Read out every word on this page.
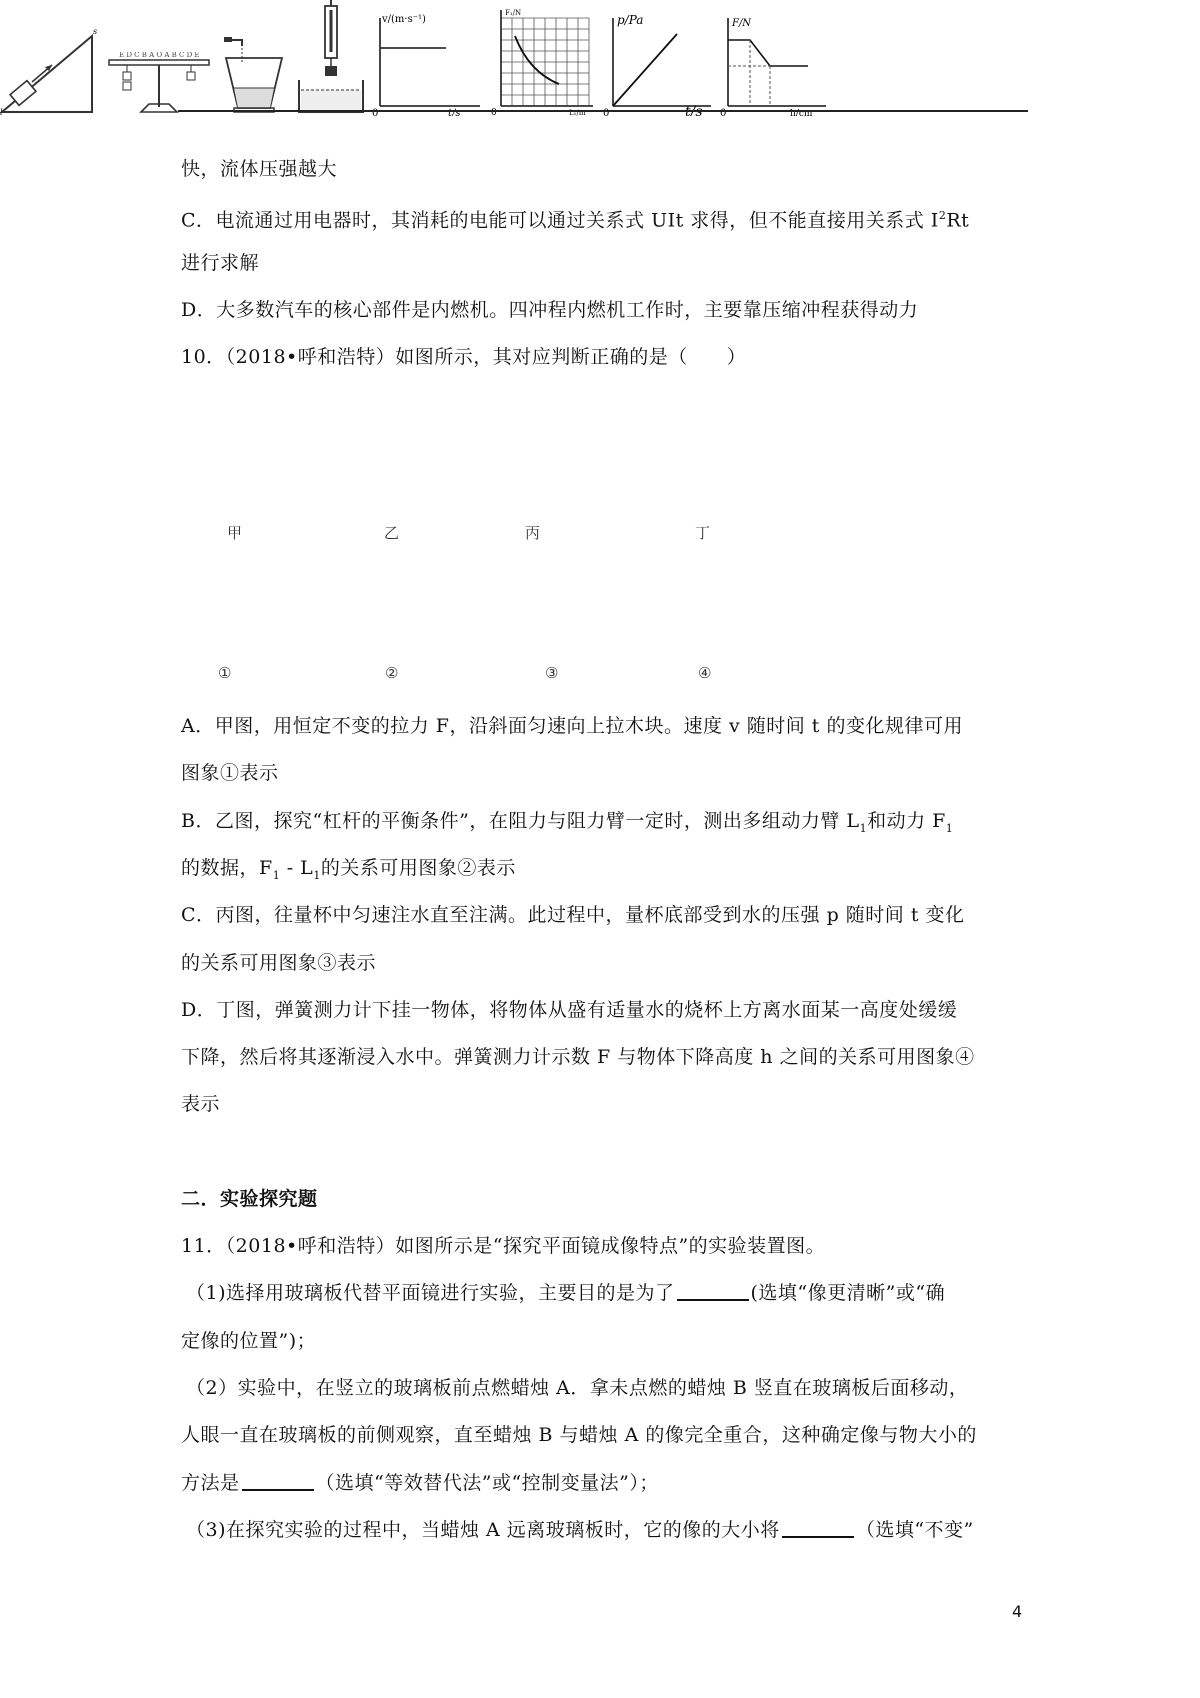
快，流体压强越大
C．电流通过用电器时，其消耗的电能可以通过关系式 UIt 求得，但不能直接用关系式 $I^2Rt$
进行求解
D．大多数汽车的核心部件是内燃机。四冲程内燃机工作时，主要靠压缩冲程获得动力
10．（2018•呼和浩特）如图所示，其对应判断正确的是（　　）
l
s

E D C B A O A B C D E

甲	乙	丙	丁
v/(m·s⁻¹)
t/s
0

F₁/N
L₁/m
0

p/Pa
t/s
0

F/N
h/cm
0
①	②	③	④
A．甲图，用恒定不变的拉力 F，沿斜面匀速向上拉木块。速度 v 随时间 t 的变化规律可用
图象①表示
B．乙图，探究“杠杆的平衡条件”，在阻力与阻力臂一定时，测出多组动力臂 $L_1$和动力 $F_1$
的数据，$F_1 - L_1$的关系可用图象②表示
C．丙图，往量杯中匀速注水直至注满。此过程中，量杯底部受到水的压强 p 随时间 t 变化
的关系可用图象③表示
D．丁图，弹簧测力计下挂一物体，将物体从盛有适量水的烧杯上方离水面某一高度处缓缓
下降，然后将其逐渐浸入水中。弹簧测力计示数 F 与物体下降高度 h 之间的关系可用图象④
表示
二．实验探究题
11．（2018•呼和浩特）如图所示是“探究平面镜成像特点”的实验装置图。
（1)选择用玻璃板代替平面镜进行实验，主要目的是为了	(选填“像更清晰”或“确
定像的位置”)；
（2）实验中，在竖立的玻璃板前点燃蜡烛 A．拿未点燃的蜡烛 B 竖直在玻璃板后面移动，
人眼一直在玻璃板的前侧观察，直至蜡烛 B 与蜡烛 A 的像完全重合，这种确定像与物大小的
方法是	（选填“等效替代法”或“控制变量法”）；
（3)在探究实验的过程中，当蜡烛 A 远离玻璃板时，它的像的大小将	（选填“不变”
4
